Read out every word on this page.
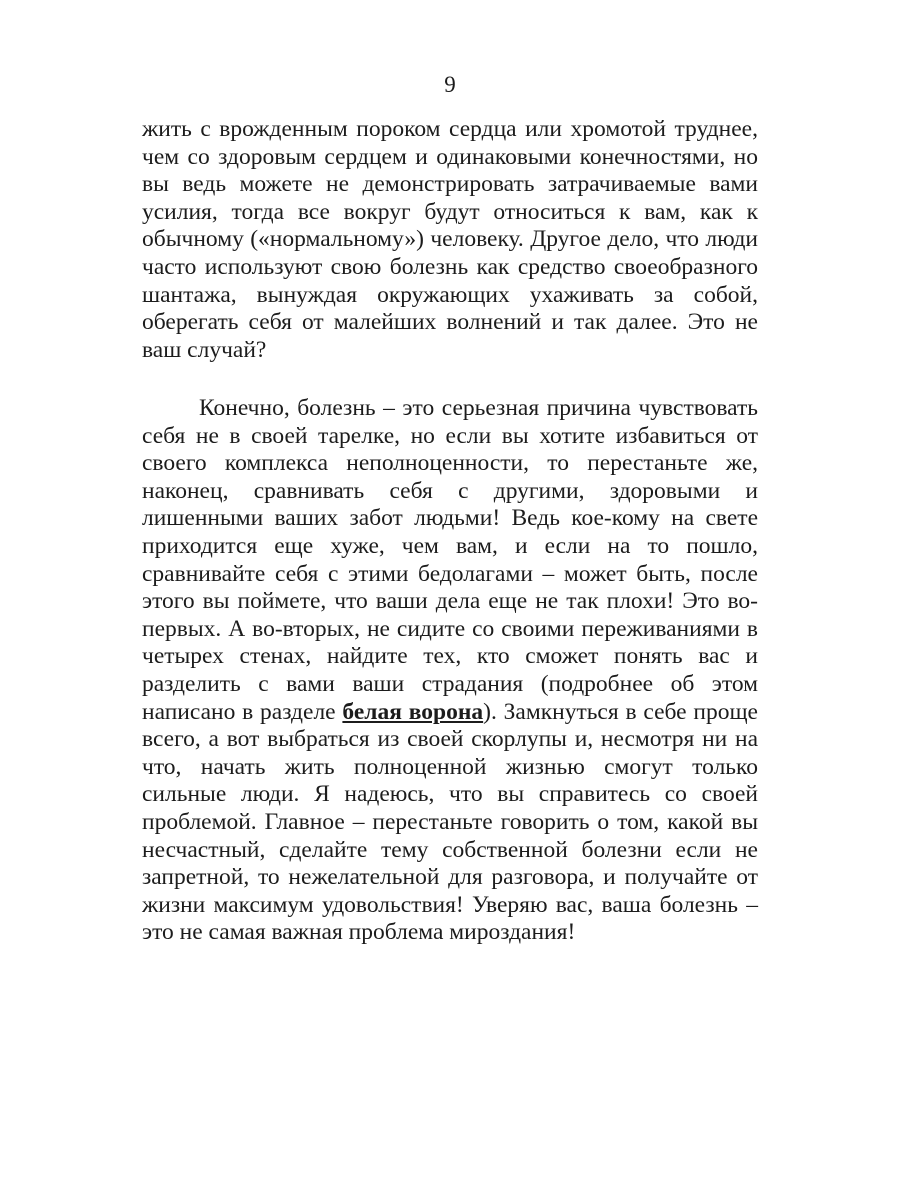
9

жить с врожденным пороком сердца или хромотой труднее, чем со здоровым сердцем и одинаковыми конечностями, но вы ведь можете не демонстрировать затрачиваемые вами усилия, тогда все вокруг будут относиться к вам, как к обычному («нормальному») человеку. Другое дело, что люди часто используют свою болезнь как средство своеобразного шантажа, вынуждая окружающих ухаживать за собой, оберегать себя от малейших волнений и так далее. Это не ваш случай?

Конечно, болезнь – это серьезная причина чувствовать себя не в своей тарелке, но если вы хотите избавиться от своего комплекса неполноценности, то перестаньте же, наконец, сравнивать себя с другими, здоровыми и лишенными ваших забот людьми! Ведь кое-кому на свете приходится еще хуже, чем вам, и если на то пошло, сравнивайте себя с этими бедолагами – может быть, после этого вы поймете, что ваши дела еще не так плохи! Это во-первых. А во-вторых, не сидите со своими переживаниями в четырех стенах, найдите тех, кто сможет понять вас и разделить с вами ваши страдания (подробнее об этом написано в разделе белая ворона). Замкнуться в себе проще всего, а вот выбраться из своей скорлупы и, несмотря ни на что, начать жить полноценной жизнью смогут только сильные люди. Я надеюсь, что вы справитесь со своей проблемой. Главное – перестаньте говорить о том, какой вы несчастный, сделайте тему собственной болезни если не запретной, то нежелательной для разговора, и получайте от жизни максимум удовольствия! Уверяю вас, ваша болезнь – это не самая важная проблема мироздания!
